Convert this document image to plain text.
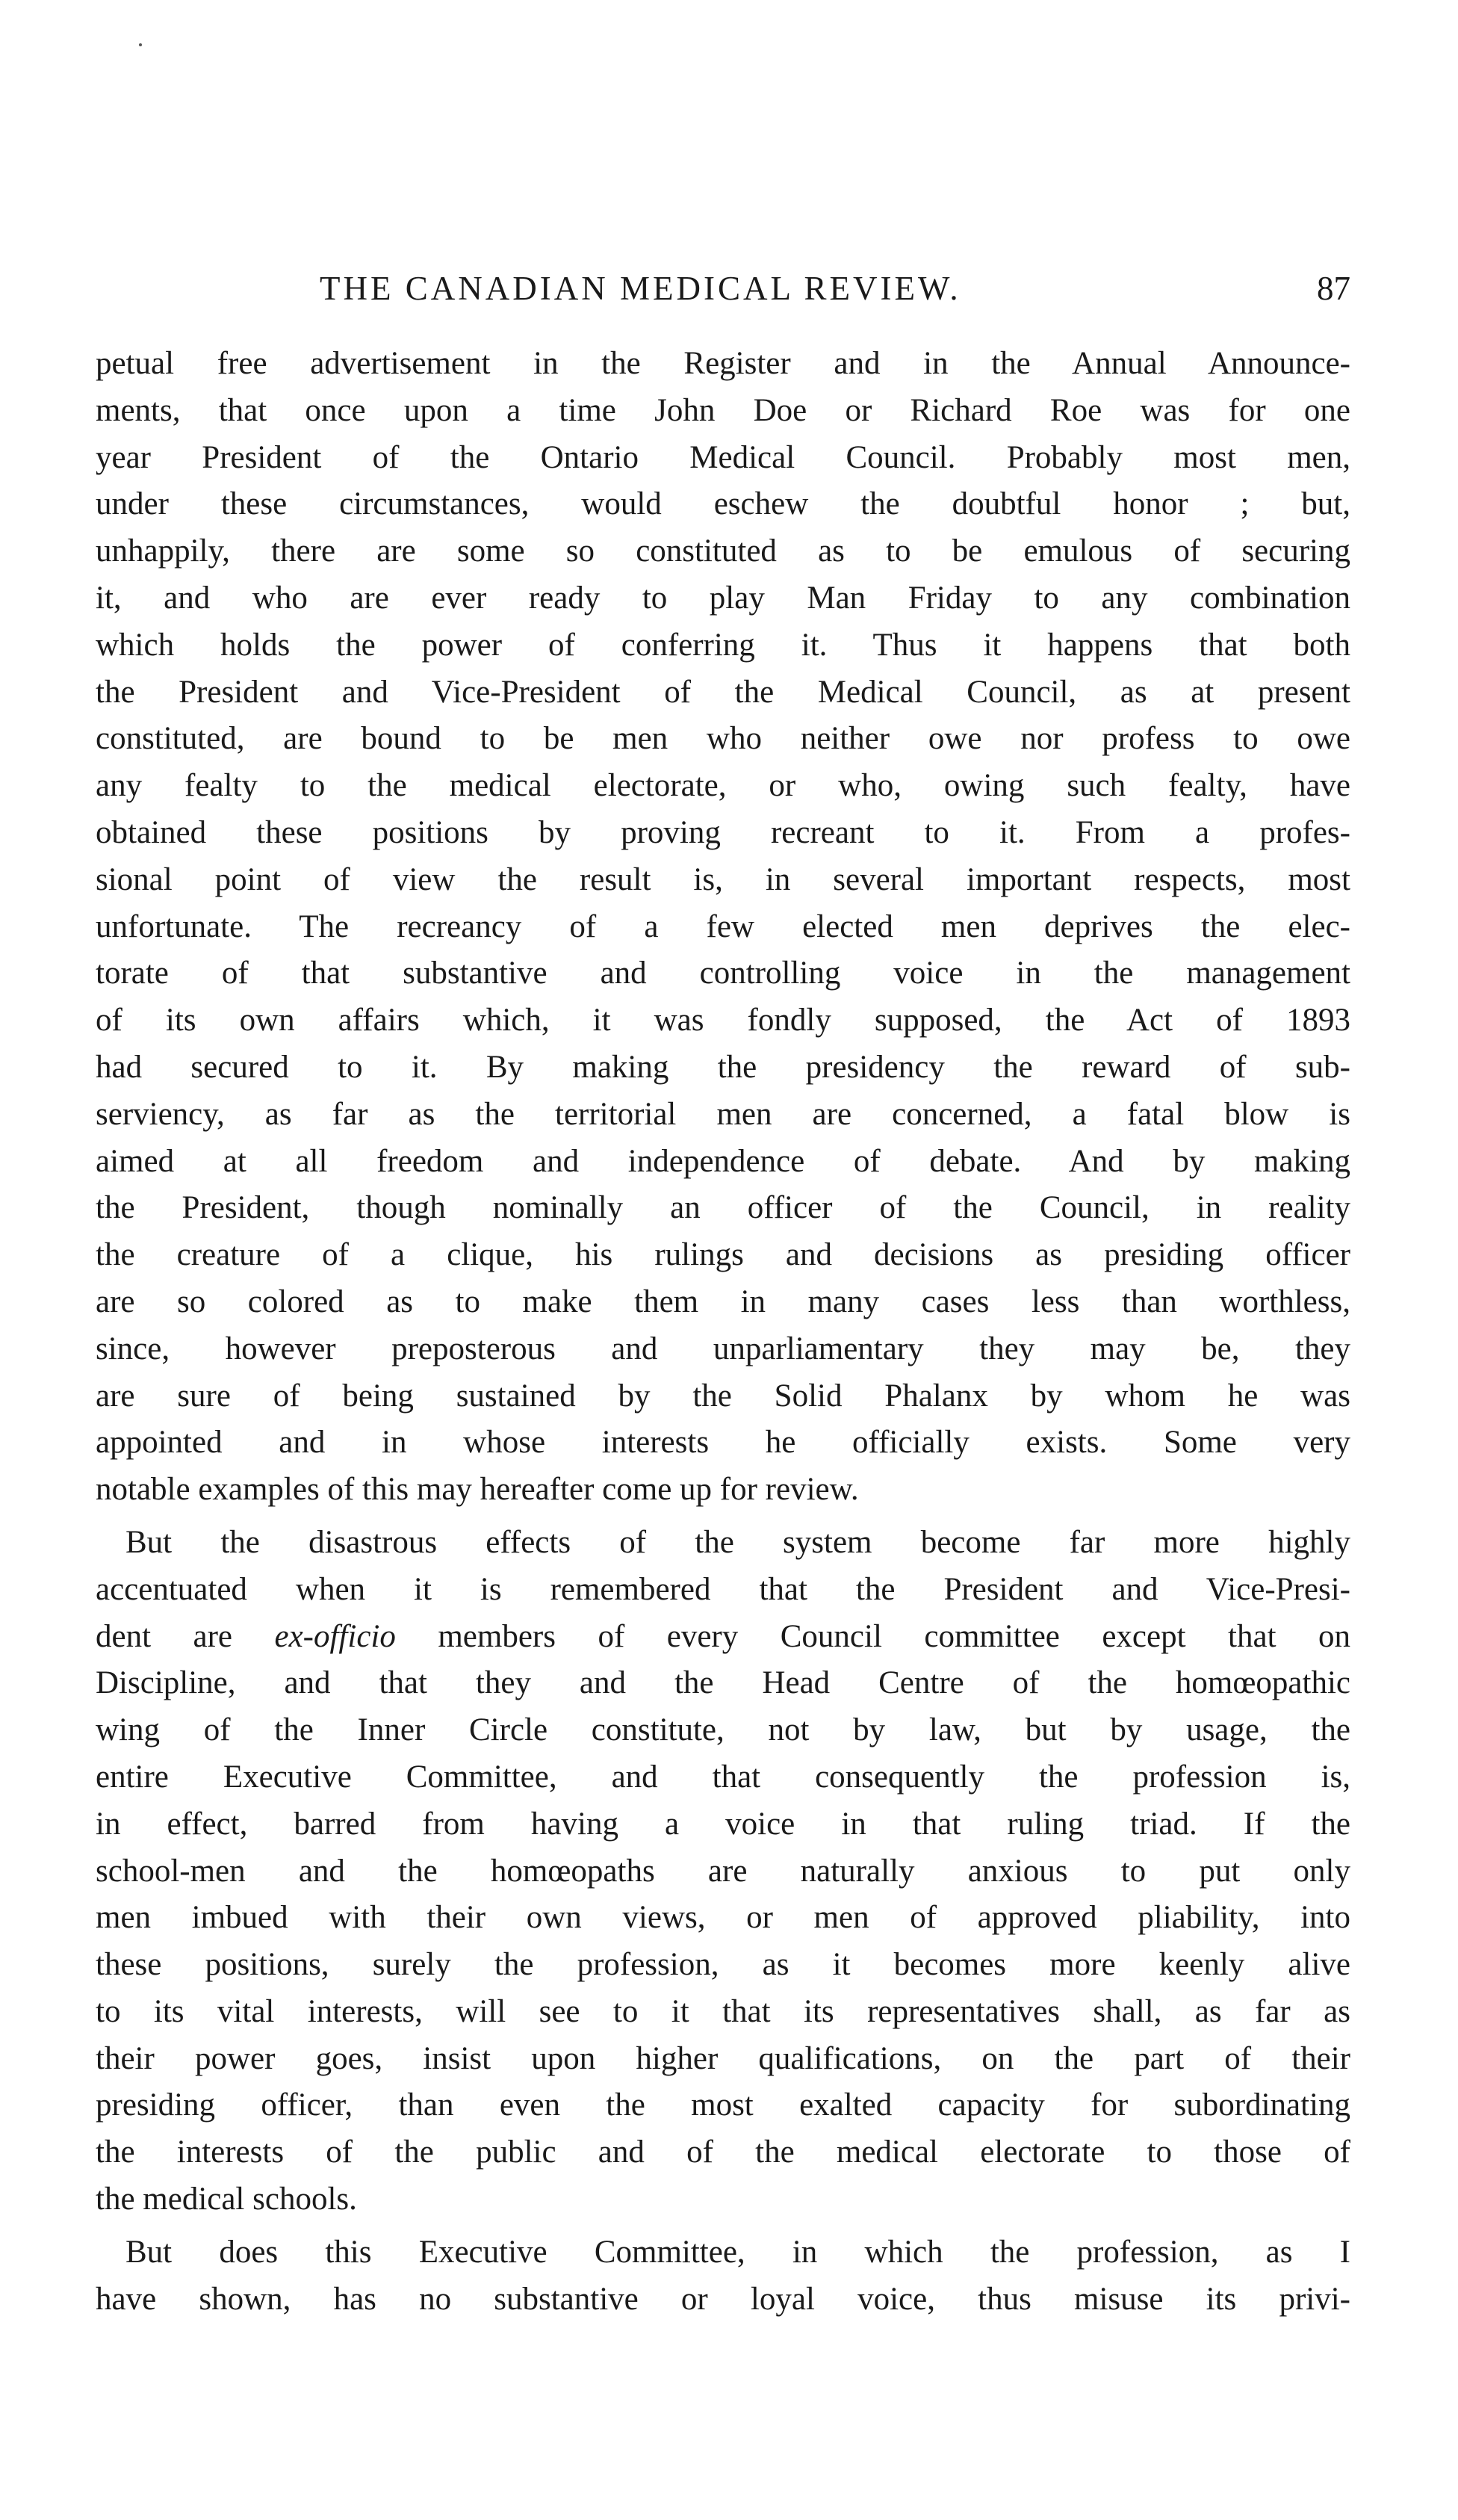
THE CANADIAN MEDICAL REVIEW.	87
petual free advertisement in the Register and in the Annual Announce-
ments, that once upon a time John Doe or Richard Roe was for one
year President of the Ontario Medical Council. Probably most men,
under these circumstances, would eschew the doubtful honor ; but,
unhappily, there are some so constituted as to be emulous of securing
it, and who are ever ready to play Man Friday to any combination
which holds the power of conferring it. Thus it happens that both
the President and Vice-President of the Medical Council, as at present
constituted, are bound to be men who neither owe nor profess to owe
any fealty to the medical electorate, or who, owing such fealty, have
obtained these positions by proving recreant to it. From a profes-
sional point of view the result is, in several important respects, most
unfortunate. The recreancy of a few elected men deprives the elec-
torate of that substantive and controlling voice in the management
of its own affairs which, it was fondly supposed, the Act of 1893
had secured to it. By making the presidency the reward of sub-
serviency, as far as the territorial men are concerned, a fatal blow is
aimed at all freedom and independence of debate. And by making
the President, though nominally an officer of the Council, in reality
the creature of a clique, his rulings and decisions as presiding officer
are so colored as to make them in many cases less than worthless,
since, however preposterous and unparliamentary they may be, they
are sure of being sustained by the Solid Phalanx by whom he was
appointed and in whose interests he officially exists. Some very
notable examples of this may hereafter come up for review.
But the disastrous effects of the system become far more highly
accentuated when it is remembered that the President and Vice-Presi-
dent are ex-officio members of every Council committee except that on
Discipline, and that they and the Head Centre of the homœopathic
wing of the Inner Circle constitute, not by law, but by usage, the
entire Executive Committee, and that consequently the profession is,
in effect, barred from having a voice in that ruling triad. If the
school-men and the homœopaths are naturally anxious to put only
men imbued with their own views, or men of approved pliability, into
these positions, surely the profession, as it becomes more keenly alive
to its vital interests, will see to it that its representatives shall, as far as
their power goes, insist upon higher qualifications, on the part of their
presiding officer, than even the most exalted capacity for subordinating
the interests of the public and of the medical electorate to those of
the medical schools.
But does this Executive Committee, in which the profession, as I
have shown, has no substantive or loyal voice, thus misuse its privi-
